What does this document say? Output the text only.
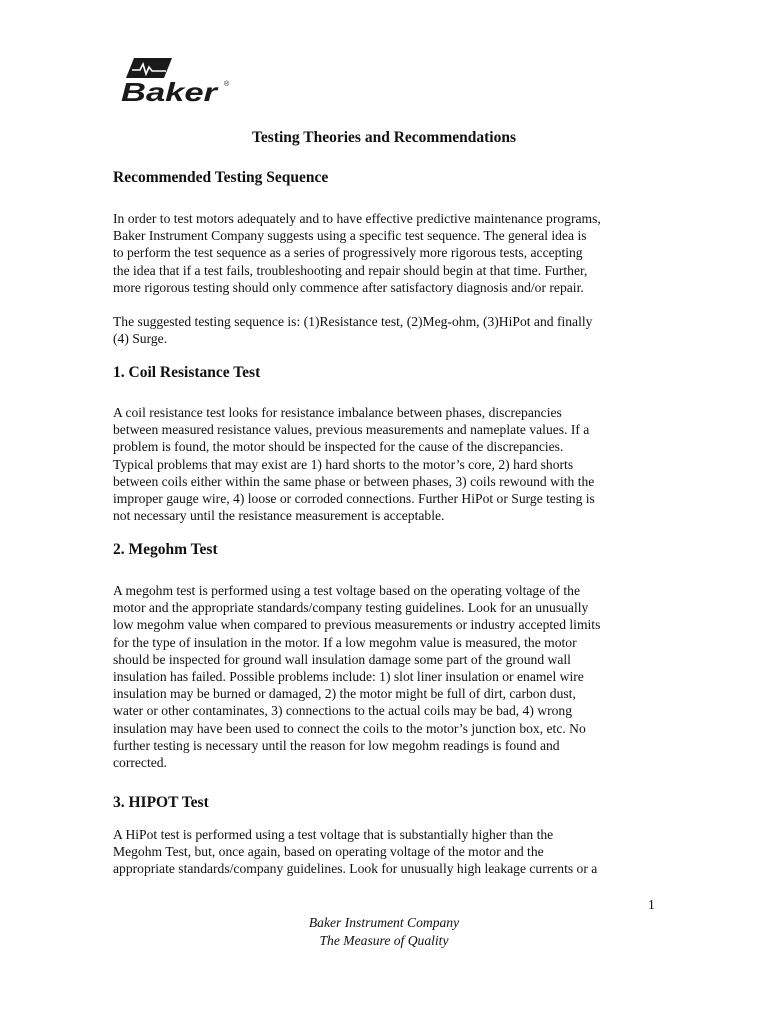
Baker ®
Testing Theories and Recommendations
Recommended Testing Sequence
In order to test motors adequately and to have effective predictive maintenance programs,
Baker Instrument Company suggests using a specific test sequence. The general idea is
to perform the test sequence as a series of progressively more rigorous tests, accepting
the idea that if a test fails, troubleshooting and repair should begin at that time. Further,
more rigorous testing should only commence after satisfactory diagnosis and/or repair.
The suggested testing sequence is: (1)Resistance test, (2)Meg-ohm, (3)HiPot and finally
(4) Surge.
1. Coil Resistance Test
A coil resistance test looks for resistance imbalance between phases, discrepancies
between measured resistance values, previous measurements and nameplate values. If a
problem is found, the motor should be inspected for the cause of the discrepancies.
Typical problems that may exist are 1) hard shorts to the motor’s core, 2) hard shorts
between coils either within the same phase or between phases, 3) coils rewound with the
improper gauge wire, 4) loose or corroded connections. Further HiPot or Surge testing is
not necessary until the resistance measurement is acceptable.
2. Megohm Test
A megohm test is performed using a test voltage based on the operating voltage of the
motor and the appropriate standards/company testing guidelines. Look for an unusually
low megohm value when compared to previous measurements or industry accepted limits
for the type of insulation in the motor. If a low megohm value is measured, the motor
should be inspected for ground wall insulation damage some part of the ground wall
insulation has failed. Possible problems include: 1) slot liner insulation or enamel wire
insulation may be burned or damaged, 2) the motor might be full of dirt, carbon dust,
water or other contaminates, 3) connections to the actual coils may be bad, 4) wrong
insulation may have been used to connect the coils to the motor’s junction box, etc. No
further testing is necessary until the reason for low megohm readings is found and
corrected.
3. HIPOT Test
A HiPot test is performed using a test voltage that is substantially higher than the
Megohm Test, but, once again, based on operating voltage of the motor and the
appropriate standards/company guidelines. Look for unusually high leakage currents or a
1
Baker Instrument Company
The Measure of Quality
